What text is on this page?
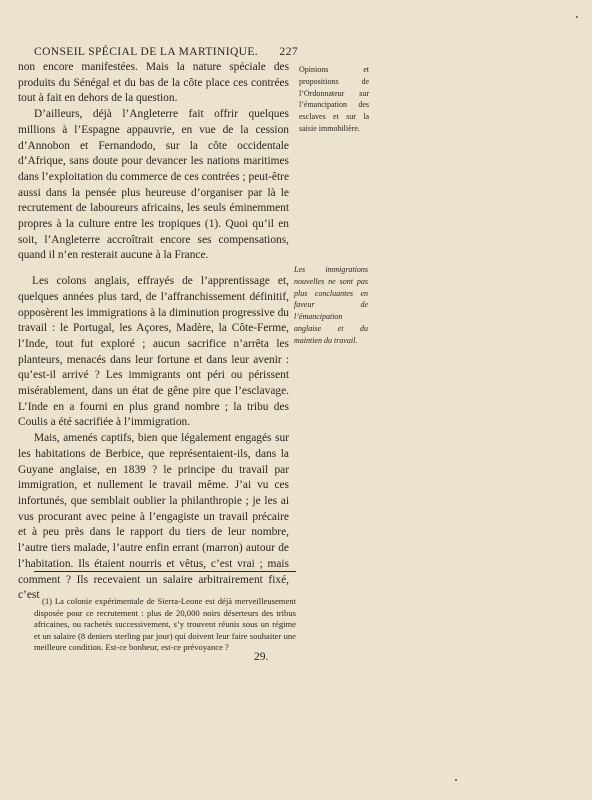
CONSEIL SPÉCIAL DE LA MARTINIQUE. 227

non encore manifestées. Mais la nature spéciale des produits du Sénégal et du bas de la côte place ces contrées tout à fait en dehors de la question.

D’ailleurs, déjà l’Angleterre fait offrir quelques millions à l’Espagne appauvrie, en vue de la cession d’Annobon et Fernandodo, sur la côte occidentale d’Afrique, sans doute pour devancer les nations maritimes dans l’exploitation du commerce de ces contrées ; peut-être aussi dans la pensée plus heureuse d’organiser par là le recrutement de laboureurs africains, les seuls éminemment propres à la culture entre les tropiques (1). Quoi qu’il en soit, l’Angleterre accroîtrait encore ses compensations, quand il n’en resterait aucune à la France.

Les colons anglais, effrayés de l’apprentissage et, quelques années plus tard, de l’affranchissement définitif, opposèrent les immigrations à la diminution progressive du travail : le Portugal, les Açores, Madère, la Côte-Ferme, l’Inde, tout fut exploré ; aucun sacrifice n’arrêta les planteurs, menacés dans leur fortune et dans leur avenir : qu’est-il arrivé ? Les immigrants ont péri ou périssent misérablement, dans un état de gêne pire que l’esclavage. L’Inde en a fourni en plus grand nombre ; la tribu des Coulis a été sacrifiée à l’immigration.

Mais, amenés captifs, bien que légalement engagés sur les habitations de Berbice, que représentaient-ils, dans la Guyane anglaise, en 1839 ? le principe du travail par immigration, et nullement le travail même. J’ai vu ces infortunés, que semblait oublier la philanthropie ; je les ai vus procurant avec peine à l’engagiste un travail précaire et à peu près dans le rapport du tiers de leur nombre, l’autre tiers malade, l’autre enfin errant (marron) autour de l’habitation. Ils étaient nourris et vêtus, c’est vrai ; mais comment ? Ils recevaient un salaire arbitrairement fixé, c’est

Opinions et propositions de l’Ordonnateur sur l’émancipation des esclaves et sur la saisie immobilière.
Les immigrations nouvelles ne sont pas plus concluantes en faveur de l’émancipation anglaise et du maintien du travail.
(1) La colonie expérimentale de Sierra-Leone est déjà merveilleusement disposée pour ce recrutement : plus de 20,000 noirs déserteurs des tribus africaines, ou rachetés successivement, s’y trouvent réunis sous un régime et un salaire (8 deniers sterling par jour) qui doivent leur faire souhaiter une meilleure condition. Est-ce bonheur, est-ce prévoyance ?
29.
